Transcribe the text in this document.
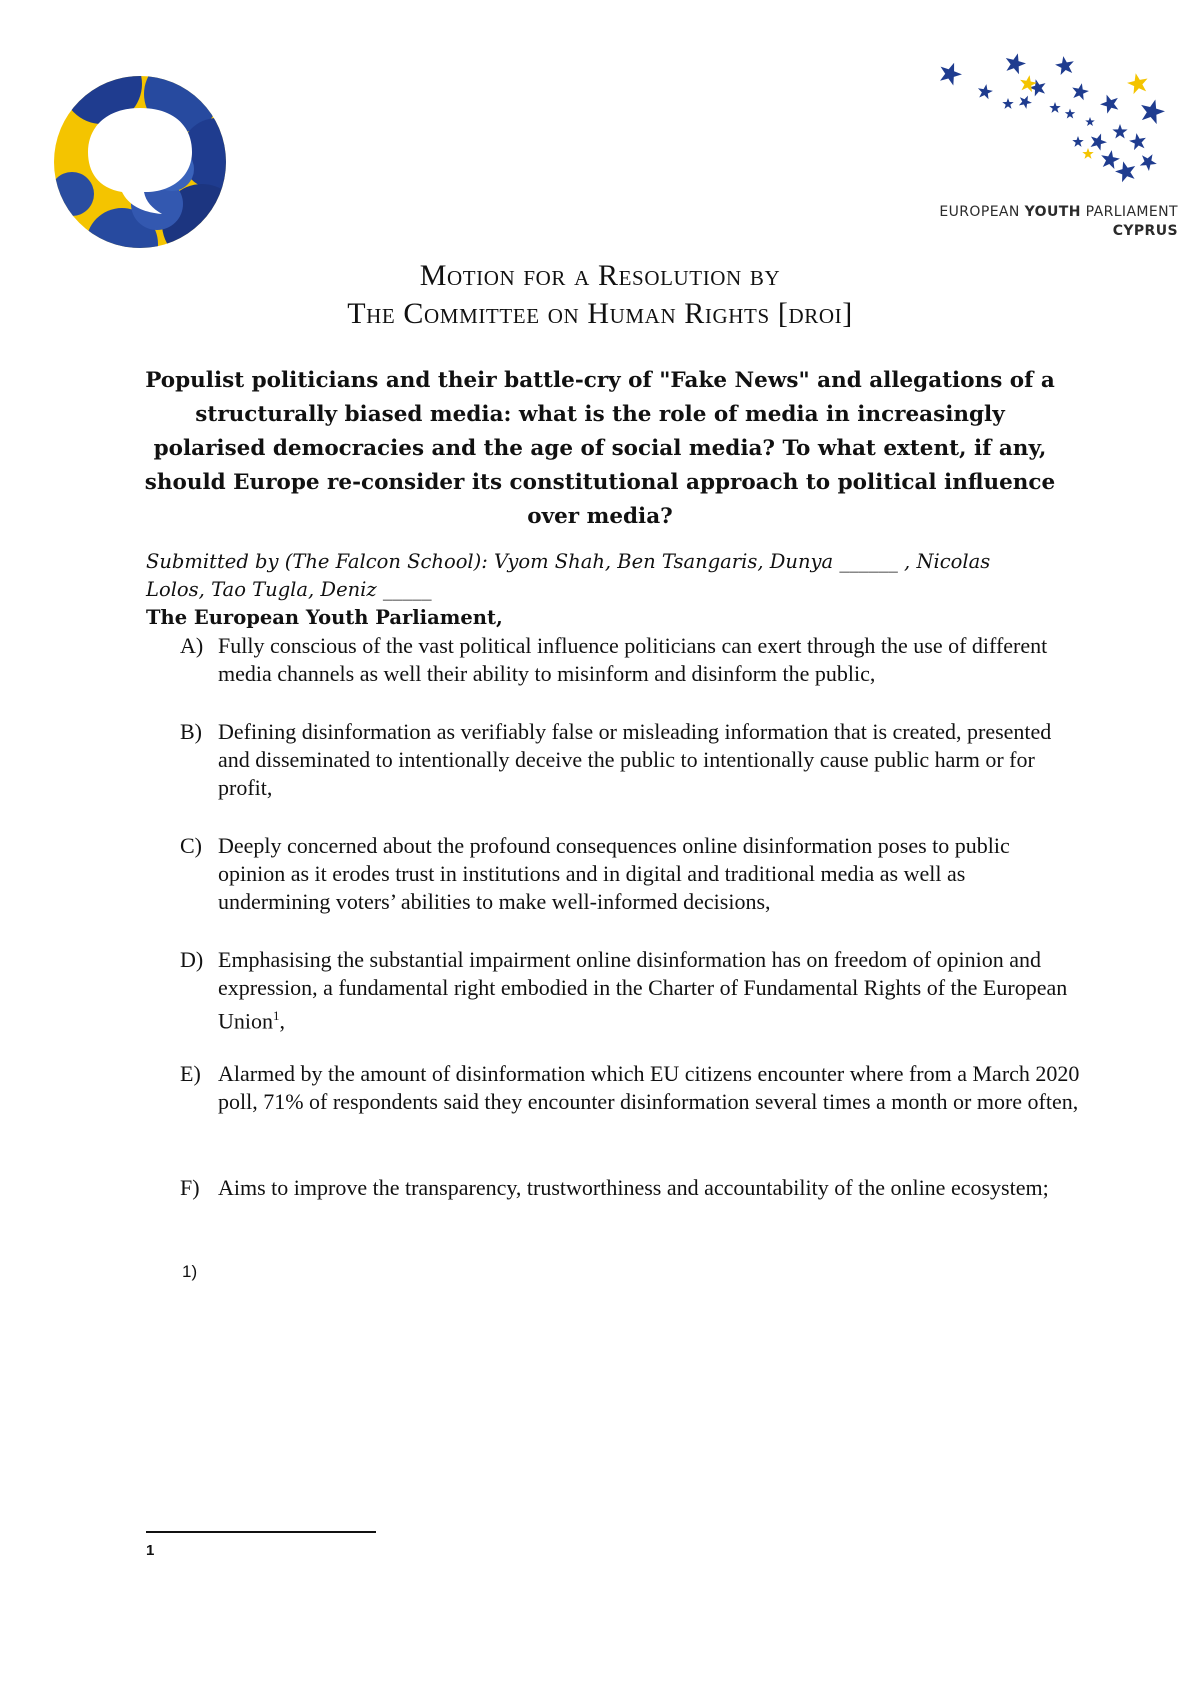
EUROPEAN YOUTH PARLIAMENT
CYPRUS
Motion for a Resolution by
The Committee on Human Rights [droi]
Populist politicians and their battle-cry of "Fake News" and allegations of a structurally biased media: what is the role of media in increasingly polarised democracies and the age of social media? To what extent, if any, should Europe re-consider its constitutional approach to political influence over media?
Submitted by (The Falcon School): Vyom Shah, Ben Tsangaris, Dunya ______ , Nicolas
Lolos, Tao Tugla, Deniz _____
The European Youth Parliament,
A) Fully conscious of the vast political influence politicians can exert through the use of different media channels as well their ability to misinform and disinform the public,
B) Defining disinformation as verifiably false or misleading information that is created, presented and disseminated to intentionally deceive the public to intentionally cause public harm or for profit,
C) Deeply concerned about the profound consequences online disinformation poses to public opinion as it erodes trust in institutions and in digital and traditional media as well as undermining voters’ abilities to make well-informed decisions,
D) Emphasising the substantial impairment online disinformation has on freedom of opinion and expression, a fundamental right embodied in the Charter of Fundamental Rights of the European Union$^1$,
E) Alarmed by the amount of disinformation which EU citizens encounter where from a March 2020 poll, 71% of respondents said they encounter disinformation several times a month or more often,
F) Aims to improve the transparency, trustworthiness and accountability of the online ecosystem;
1)
1
